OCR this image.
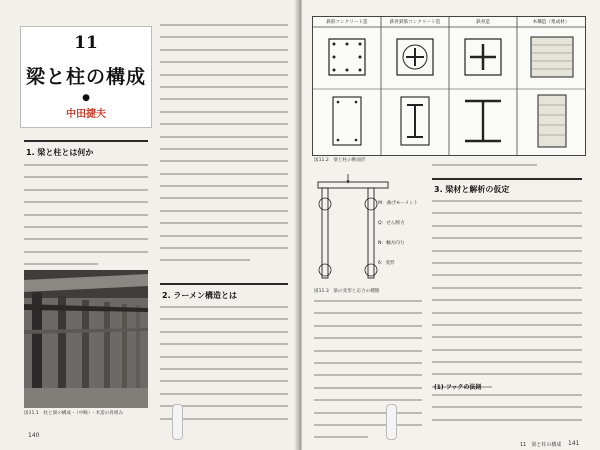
11
梁と柱の構成
●
中田捷夫
1. 梁と柱とは何か
図11.1　柱と梁の構成 -（中略）- 木造の骨組み
2. ラーメン構造とは
140
鉄筋コンクリート造	鉄骨鉄筋コンクリート造	鉄骨造	木構造（集成材）
図11.2　梁と柱の断面形
M：曲げモーメント
Q：せん断力
N：軸方向力
δ：変形
図11.3　梁の変形と応力の種類
3. 梁材と解析の仮定
(1) フックの法則
11　梁と柱の構成 141
